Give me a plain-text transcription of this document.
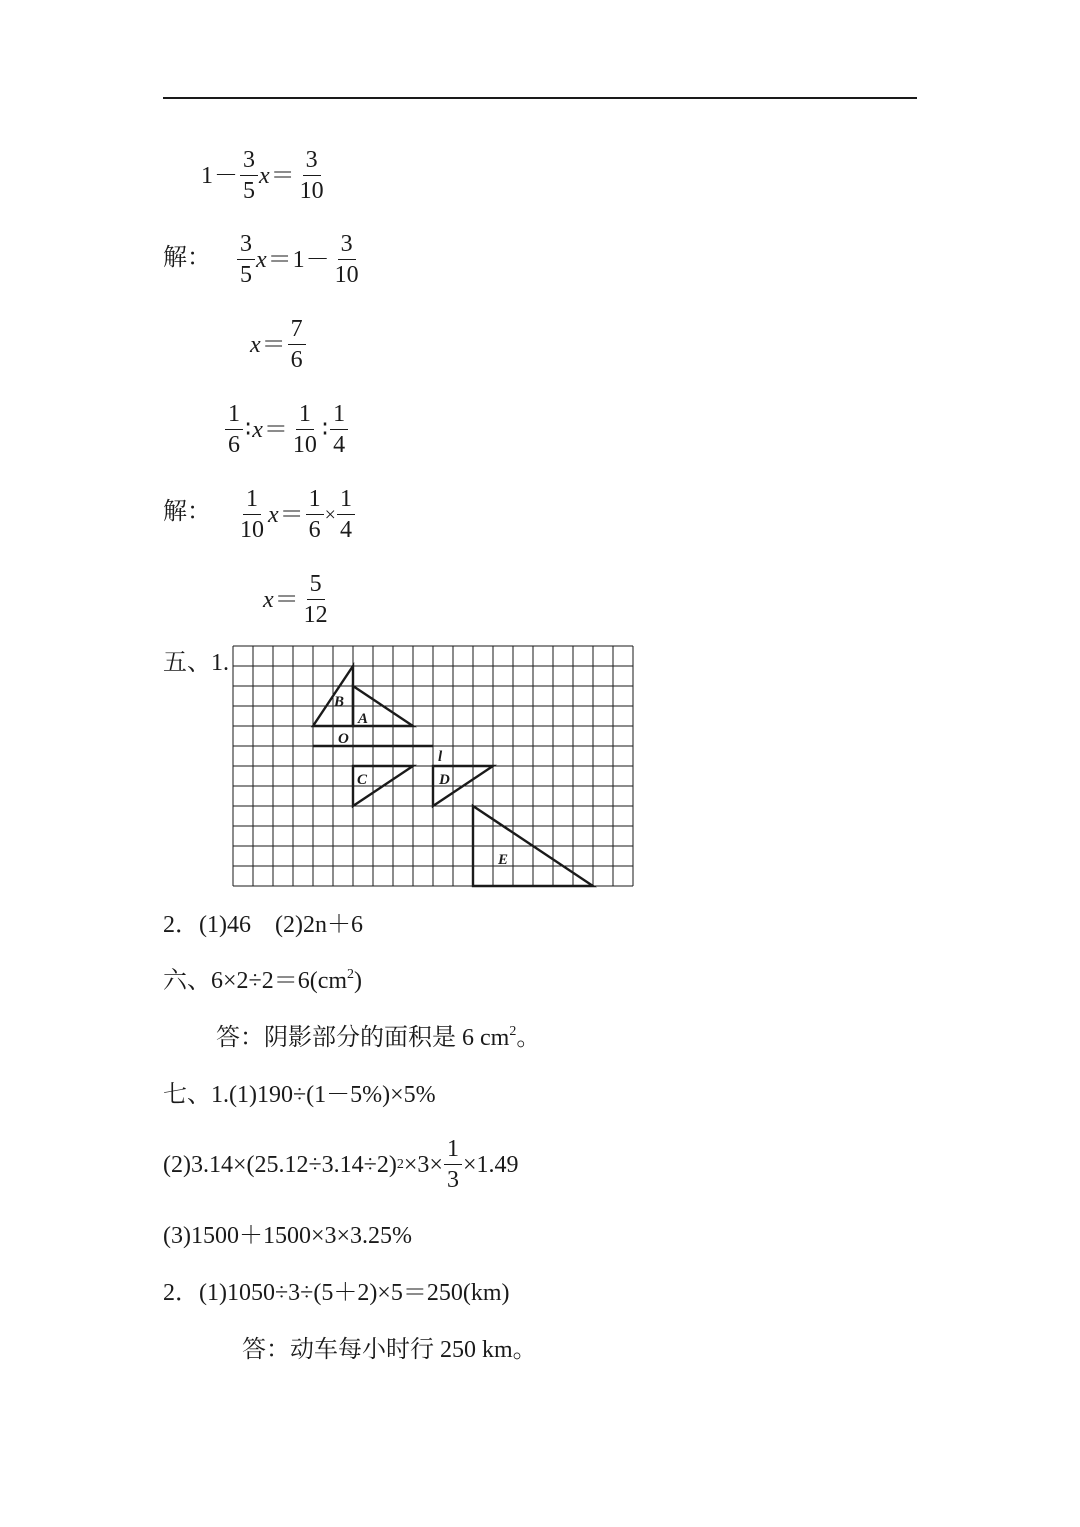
$1 - \frac{3}{5}$ $x = \frac{3}{10}$
解： $\frac{3}{5}$ $x = 1 - \frac{3}{10}$
$x = \frac{7}{6}$
$\frac{1}{6}$ ∶ $x = \frac{1}{10}$ ∶ $\frac{1}{4}$
解： $\frac{1}{10}$ $x = \frac{1}{6} \times \frac{1}{4}$
$x = \frac{5}{12}$
五、1.
B
A
O
l
C	D
E
2．(1)46　(2)2n＋6
六、$6\times 2\div 2=6(cm^2)$
答：阴影部分的面积是 6 $cm^2$。
七、1.(1)190÷(1－5%)×5%
(2)3.14×(25.12÷3.14÷2) $2 \times 3\times \frac{1}{3} \times 1.49$
(3)1500＋1500×3×3.25%
2．(1)1050÷3÷(5＋2)×5＝250(km)
答：动车每小时行 250 km。
